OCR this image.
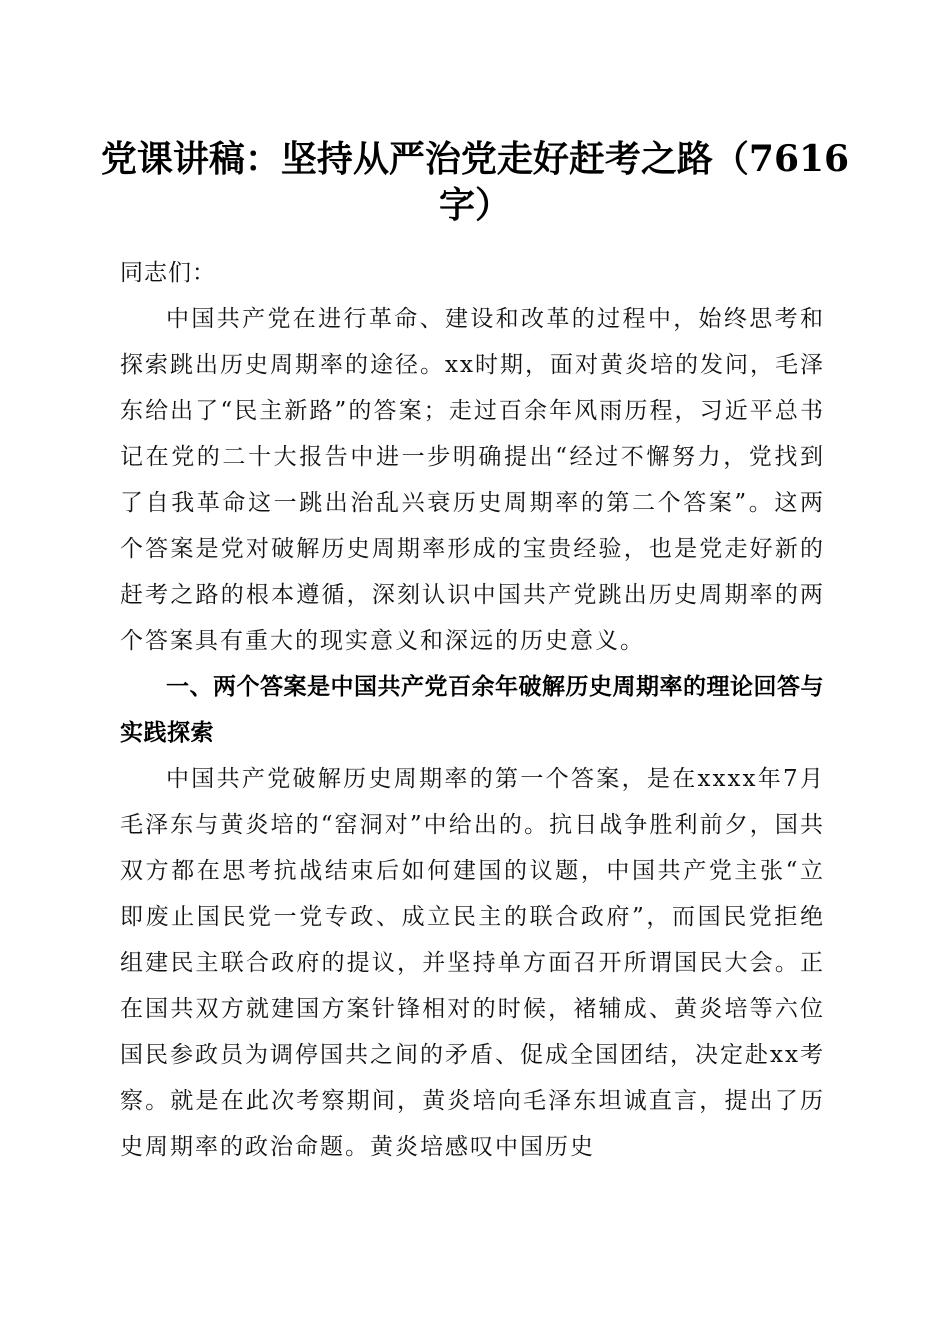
党课讲稿：坚持从严治党走好赶考之路（7616字）

同志们：

中国共产党在进行革命、建设和改革的过程中，始终思考和探索跳出历史周期率的途径。xx时期，面对黄炎培的发问，毛泽东给出了“民主新路”的答案；走过百余年风雨历程，习近平总书记在党的二十大报告中进一步明确提出“经过不懈努力，党找到了自我革命这一跳出治乱兴衰历史周期率的第二个答案”。这两个答案是党对破解历史周期率形成的宝贵经验，也是党走好新的赶考之路的根本遵循，深刻认识中国共产党跳出历史周期率的两个答案具有重大的现实意义和深远的历史意义。

一、两个答案是中国共产党百余年破解历史周期率的理论回答与实践探索

中国共产党破解历史周期率的第一个答案，是在xxxx年7月毛泽东与黄炎培的“窑洞对”中给出的。抗日战争胜利前夕，国共双方都在思考抗战结束后如何建国的议题，中国共产党主张“立即废止国民党一党专政、成立民主的联合政府”，而国民党拒绝组建民主联合政府的提议，并坚持单方面召开所谓国民大会。正在国共双方就建国方案针锋相对的时候，褚辅成、黄炎培等六位国民参政员为调停国共之间的矛盾、促成全国团结，决定赴xx考察。就是在此次考察期间，黄炎培向毛泽东坦诚直言，提出了历史周期率的政治命题。黄炎培感叹中国历史
